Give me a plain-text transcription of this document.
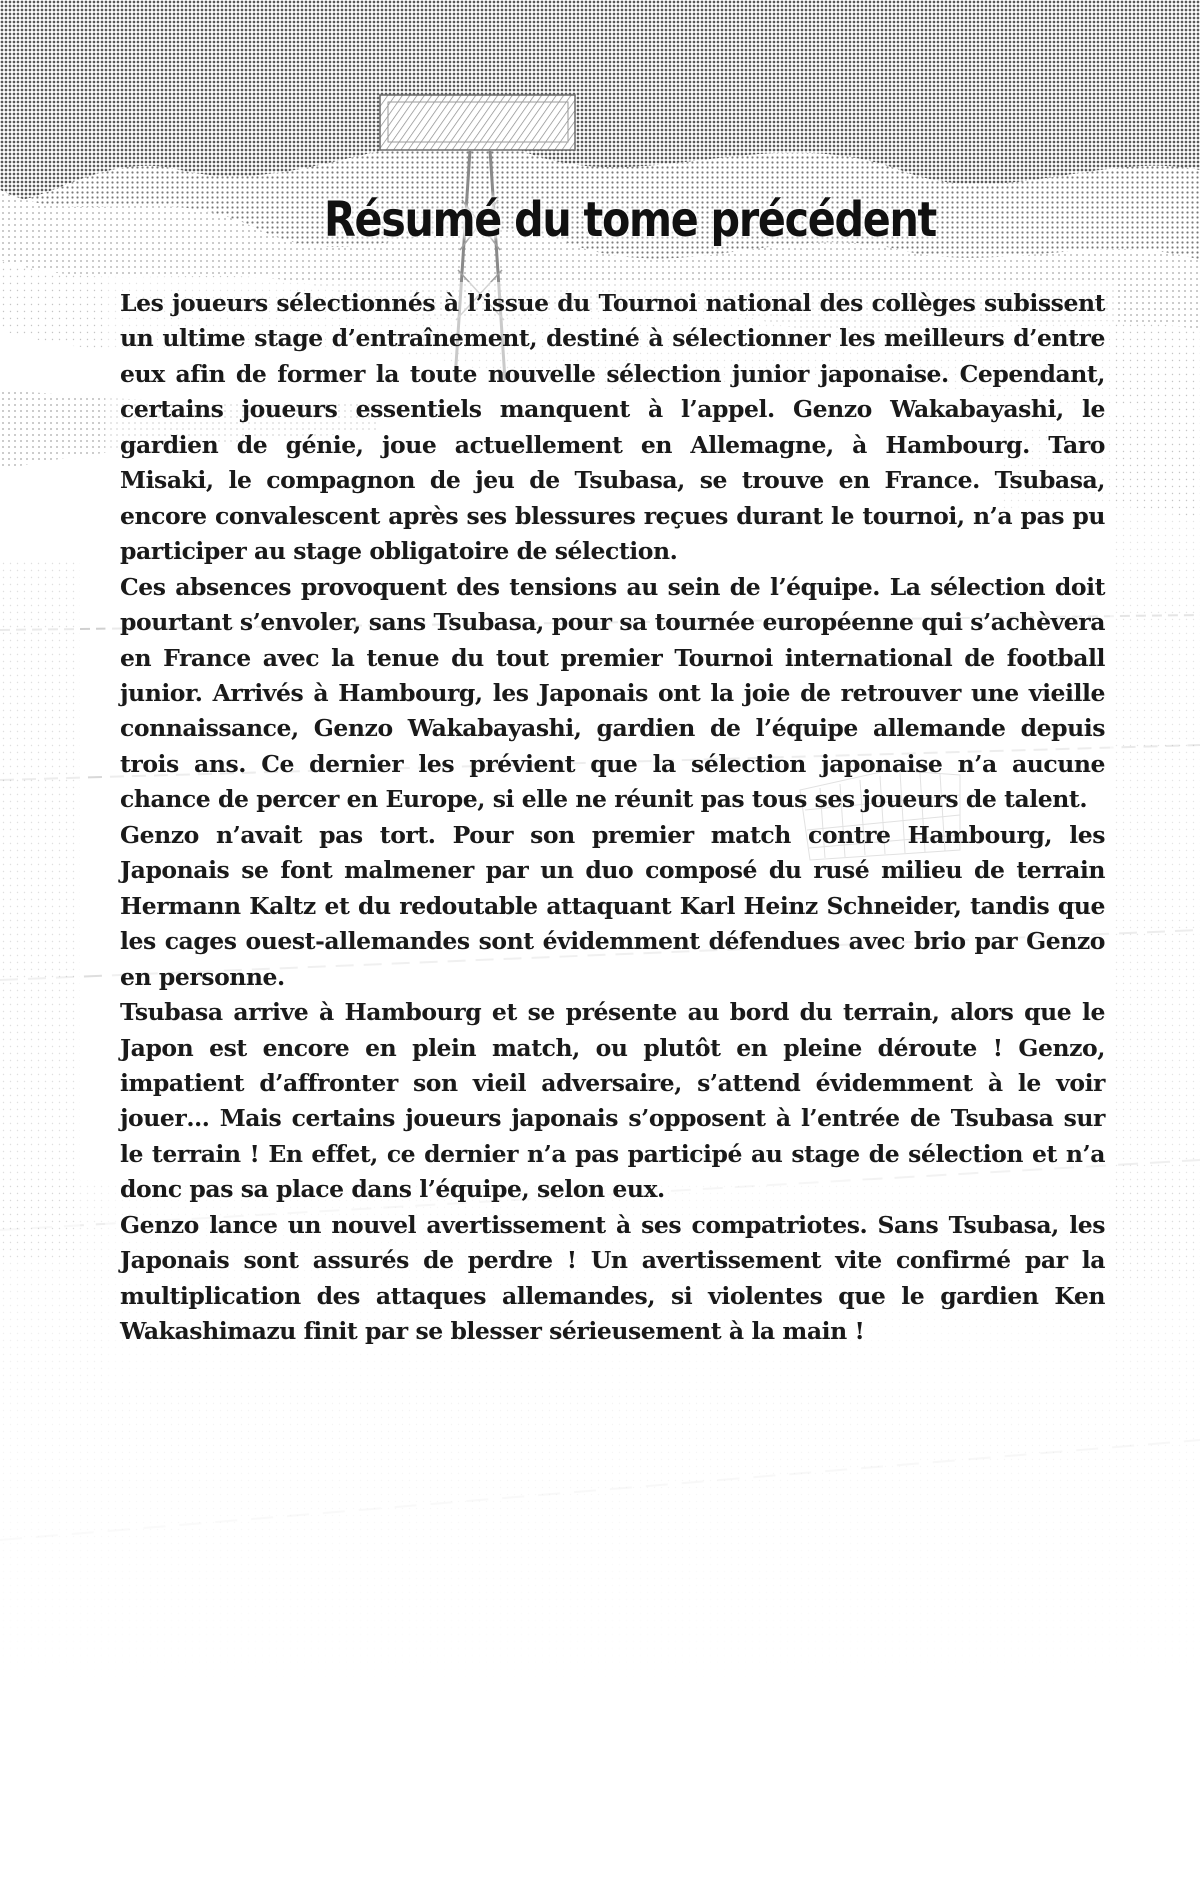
Résumé du tome précédent

Les joueurs sélectionnés à l’issue du Tournoi national des collèges subissent un ultime stage d’entraînement, destiné à sélectionner les meilleurs d’entre eux afin de former la toute nouvelle sélection junior japonaise. Cependant, certains joueurs essentiels manquent à l’appel. Genzo Wakabayashi, le gardien de génie, joue actuellement en Allemagne, à Hambourg. Taro Misaki, le compagnon de jeu de Tsubasa, se trouve en France. Tsubasa, encore convalescent après ses blessures reçues durant le tournoi, n’a pas pu participer au stage obligatoire de sélection.

Ces absences provoquent des tensions au sein de l’équipe. La sélection doit pourtant s’envoler, sans Tsubasa, pour sa tournée européenne qui s’achèvera en France avec la tenue du tout premier Tournoi international de football junior. Arrivés à Hambourg, les Japonais ont la joie de retrouver une vieille connaissance, Genzo Wakabayashi, gardien de l’équipe allemande depuis trois ans. Ce dernier les prévient que la sélection japonaise n’a aucune chance de percer en Europe, si elle ne réunit pas tous ses joueurs de talent.

Genzo n’avait pas tort. Pour son premier match contre Hambourg, les Japonais se font malmener par un duo composé du rusé milieu de terrain Hermann Kaltz et du redoutable attaquant Karl Heinz Schneider, tandis que les cages ouest-allemandes sont évidemment défendues avec brio par Genzo en personne.

Tsubasa arrive à Hambourg et se présente au bord du terrain, alors que le Japon est encore en plein match, ou plutôt en pleine déroute ! Genzo, impatient d’affronter son vieil adversaire, s’attend évidemment à le voir jouer… Mais certains joueurs japonais s’opposent à l’entrée de Tsubasa sur le terrain ! En effet, ce dernier n’a pas participé au stage de sélection et n’a donc pas sa place dans l’équipe, selon eux.

Genzo lance un nouvel avertissement à ses compatriotes. Sans Tsubasa, les Japonais sont assurés de perdre ! Un avertissement vite confirmé par la multiplication des attaques allemandes, si violentes que le gardien Ken Wakashimazu finit par se blesser sérieusement à la main !
